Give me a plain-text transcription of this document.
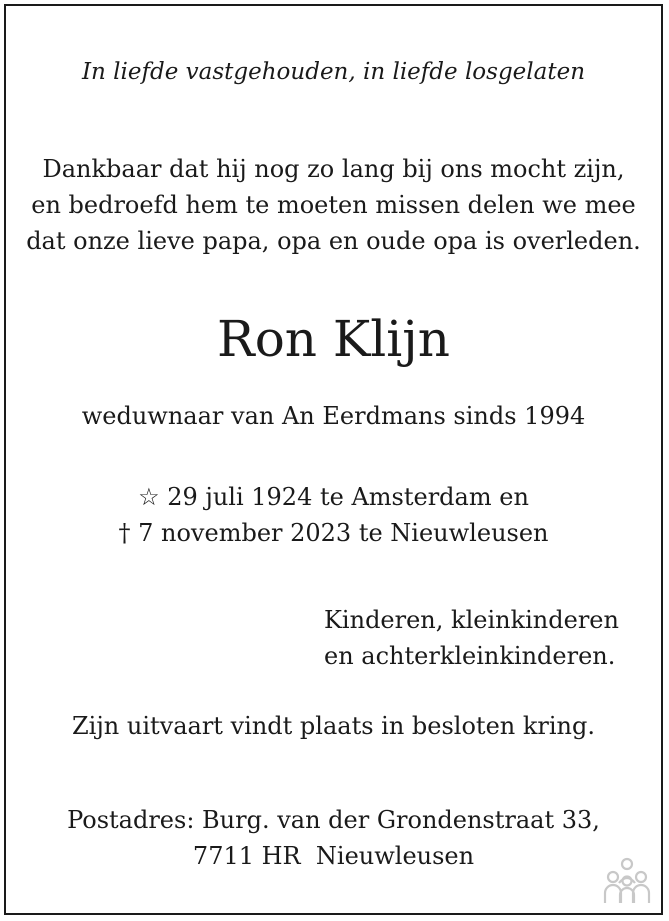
In liefde vastgehouden, in liefde losgelaten
Dankbaar dat hij nog zo lang bij ons mocht zijn,
en bedroefd hem te moeten missen delen we mee
dat onze lieve papa, opa en oude opa is overleden.
Ron Klijn
weduwnaar van An Eerdmans sinds 1994
☆ 29 juli 1924 te Amsterdam en
† 7 november 2023 te Nieuwleusen
Kinderen, kleinkinderen
en achterkleinkinderen.
Zijn uitvaart vindt plaats in besloten kring.
Postadres: Burg. van der Grondenstraat 33,
7711 HR  Nieuwleusen
